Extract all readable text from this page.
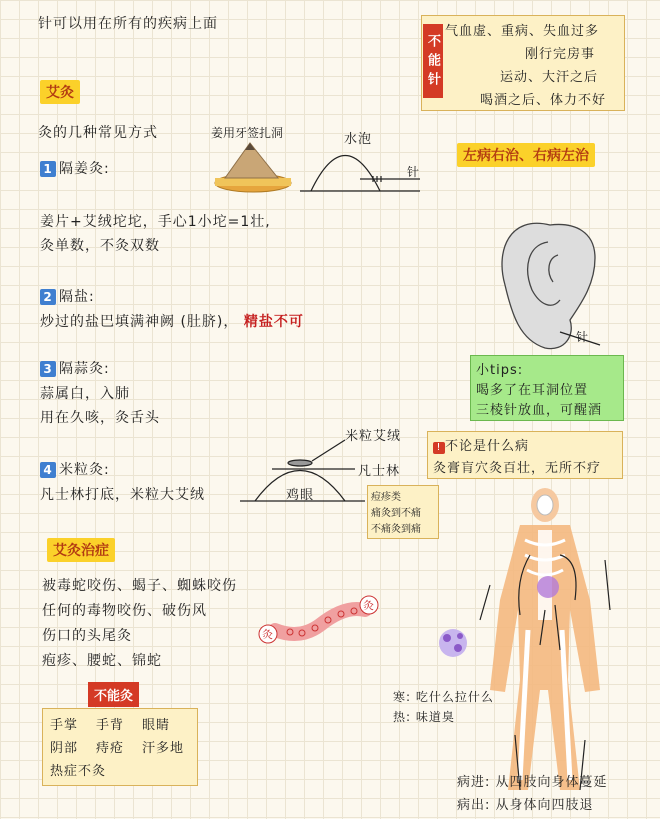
针可以用在所有的疾病上面
不能针
气血虚、重病、失血过多
刚行完房事
运动、大汗之后
喝酒之后、体力不好
艾灸
灸的几种常见方式	姜用牙签扎洞
左病右治、右病左治
1 隔姜灸:
姜片+艾绒坨坨，手心1小坨=1壮,
灸单数，不灸双数
2 隔盐:
炒过的盐巴填满神阙 (肚脐)， 精盐不可
3 隔蒜灸:
蒜属白，入肺
用在久咳，灸舌头
4 米粒灸:
凡士林打底，米粒大艾绒
水泡
针
米粒艾绒
凡士林
鸡眼
针
小tips:
喝多了在耳洞位置
三棱针放血，可醒酒
! 不论是什么病
灸膏肓穴灸百壮，无所不疗
痘疹类
痛灸到不痛
不痛灸到痛
艾灸治症
被毒蛇咬伤、蝎子、蜘蛛咬伤
任何的毒物咬伤、破伤风
伤口的头尾灸
疱疹、腰蛇、锦蛇
灸
灸
不能灸
手掌 手背 眼睛
阴部 痔疮 汗多地
热症不灸
寒: 吃什么拉什么
热: 味道臭
病进: 从四肢向身体蔓延
病出: 从身体向四肢退
